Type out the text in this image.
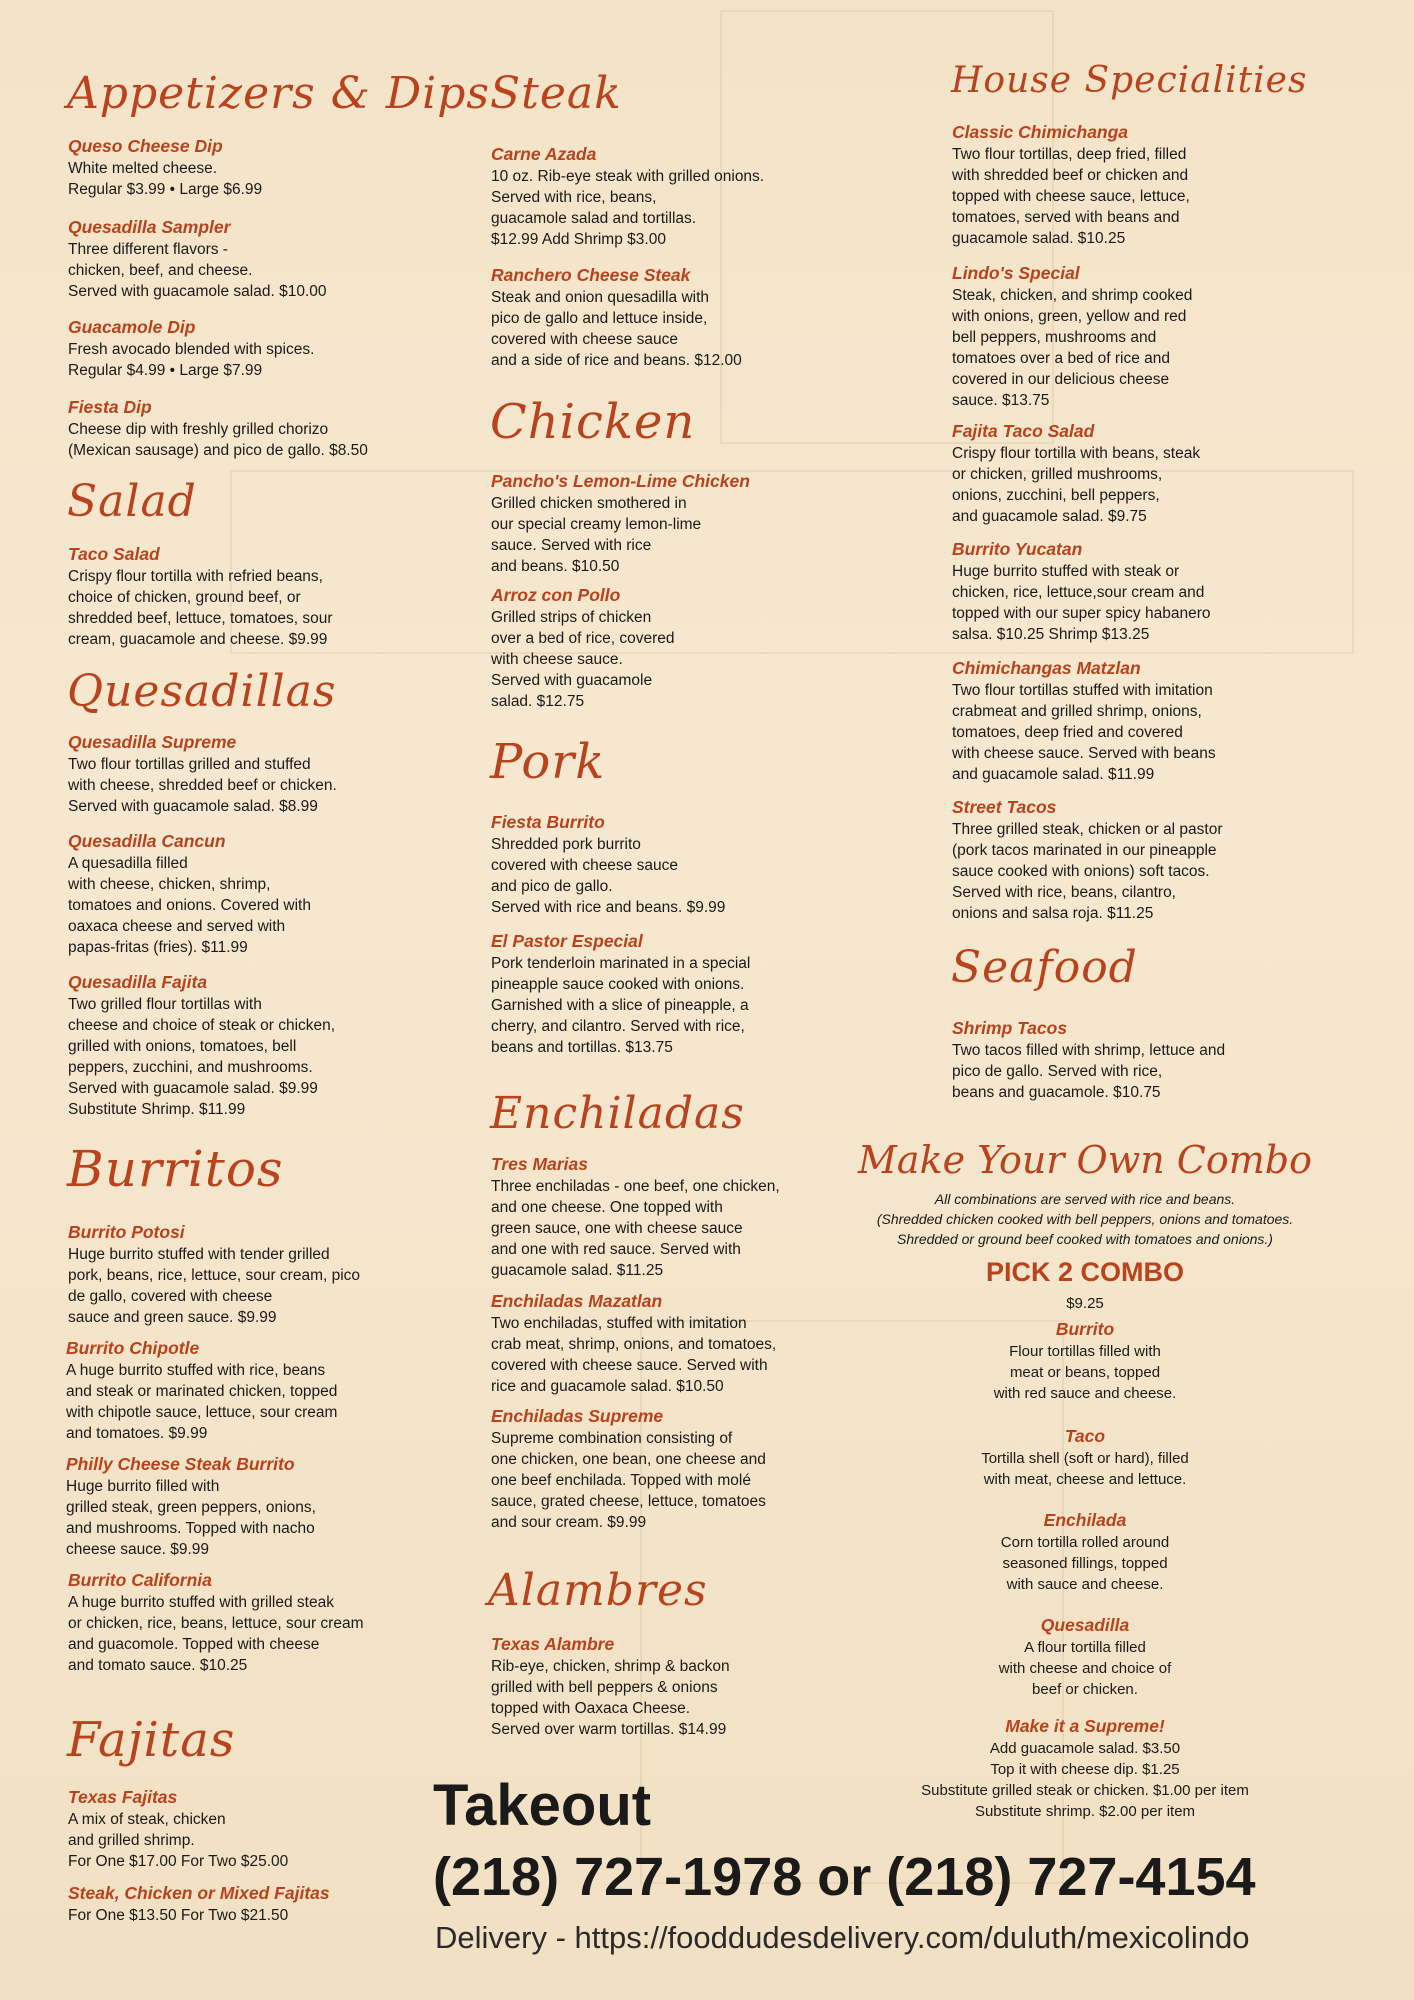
Appetizers & Dips
Queso Cheese Dip
White melted cheese.
Regular $3.99 • Large $6.99
Quesadilla Sampler
Three different flavors -
chicken, beef, and cheese.
Served with guacamole salad. $10.00
Guacamole Dip
Fresh avocado blended with spices.
Regular $4.99 • Large $7.99
Fiesta Dip
Cheese dip with freshly grilled chorizo
(Mexican sausage) and pico de gallo. $8.50
Salad
Taco Salad
Crispy flour tortilla with refried beans,
choice of chicken, ground beef, or
shredded beef, lettuce, tomatoes, sour
cream, guacamole and cheese. $9.99
Quesadillas
Quesadilla Supreme
Two flour tortillas grilled and stuffed
with cheese, shredded beef or chicken.
Served with guacamole salad. $8.99
Quesadilla Cancun
A quesadilla filled
with cheese, chicken, shrimp,
tomatoes and onions. Covered with
oaxaca cheese and served with
papas-fritas (fries). $11.99
Quesadilla Fajita
Two grilled flour tortillas with
cheese and choice of steak or chicken,
grilled with onions, tomatoes, bell
peppers, zucchini, and mushrooms.
Served with guacamole salad. $9.99
Substitute Shrimp. $11.99
Burritos
Burrito Potosi
Huge burrito stuffed with tender grilled
pork, beans, rice, lettuce, sour cream, pico
de gallo, covered with cheese
sauce and green sauce. $9.99
Burrito Chipotle
A huge burrito stuffed with rice, beans
and steak or marinated chicken, topped
with chipotle sauce, lettuce, sour cream
and tomatoes. $9.99
Philly Cheese Steak Burrito
Huge burrito filled with
grilled steak, green peppers, onions,
and mushrooms. Topped with nacho
cheese sauce. $9.99
Burrito California
A huge burrito stuffed with grilled steak
or chicken, rice, beans, lettuce, sour cream
and guacomole. Topped with cheese
and tomato sauce. $10.25
Fajitas
Texas Fajitas
A mix of steak, chicken
and grilled shrimp.
For One $17.00 For Two $25.00
Steak, Chicken or Mixed Fajitas
For One $13.50 For Two $21.50
Steak
Carne Azada
10 oz. Rib-eye steak with grilled onions.
Served with rice, beans,
guacamole salad and tortillas.
$12.99 Add Shrimp $3.00
Ranchero Cheese Steak
Steak and onion quesadilla with
pico de gallo and lettuce inside,
covered with cheese sauce
and a side of rice and beans. $12.00
Chicken
Pancho's Lemon-Lime Chicken
Grilled chicken smothered in
our special creamy lemon-lime
sauce. Served with rice
and beans. $10.50
Arroz con Pollo
Grilled strips of chicken
over a bed of rice, covered
with cheese sauce.
Served with guacamole
salad. $12.75
Pork
Fiesta Burrito
Shredded pork burrito
covered with cheese sauce
and pico de gallo.
Served with rice and beans. $9.99
El Pastor Especial
Pork tenderloin marinated in a special
pineapple sauce cooked with onions.
Garnished with a slice of pineapple, a
cherry, and cilantro. Served with rice,
beans and tortillas. $13.75
Enchiladas
Tres Marias
Three enchiladas - one beef, one chicken,
and one cheese. One topped with
green sauce, one with cheese sauce
and one with red sauce. Served with
guacamole salad. $11.25
Enchiladas Mazatlan
Two enchiladas, stuffed with imitation
crab meat, shrimp, onions, and tomatoes,
covered with cheese sauce. Served with
rice and guacamole salad. $10.50
Enchiladas Supreme
Supreme combination consisting of
one chicken, one bean, one cheese and
one beef enchilada. Topped with molé
sauce, grated cheese, lettuce, tomatoes
and sour cream. $9.99
Alambres
Texas Alambre
Rib-eye, chicken, shrimp & backon
grilled with bell peppers & onions
topped with Oaxaca Cheese.
Served over warm tortillas. $14.99
House Specialities
Classic Chimichanga
Two flour tortillas, deep fried, filled
with shredded beef or chicken and
topped with cheese sauce, lettuce,
tomatoes, served with beans and
guacamole salad. $10.25
Lindo's Special
Steak, chicken, and shrimp cooked
with onions, green, yellow and red
bell peppers, mushrooms and
tomatoes over a bed of rice and
covered in our delicious cheese
sauce. $13.75
Fajita Taco Salad
Crispy flour tortilla with beans, steak
or chicken, grilled mushrooms,
onions, zucchini, bell peppers,
and guacamole salad. $9.75
Burrito Yucatan
Huge burrito stuffed with steak or
chicken, rice, lettuce,sour cream and
topped with our super spicy habanero
salsa. $10.25 Shrimp $13.25
Chimichangas Matzlan
Two flour tortillas stuffed with imitation
crabmeat and grilled shrimp, onions,
tomatoes, deep fried and covered
with cheese sauce. Served with beans
and guacamole salad. $11.99
Street Tacos
Three grilled steak, chicken or al pastor
(pork tacos marinated in our pineapple
sauce cooked with onions) soft tacos.
Served with rice, beans, cilantro,
onions and salsa roja. $11.25
Seafood
Shrimp Tacos
Two tacos filled with shrimp, lettuce and
pico de gallo. Served with rice,
beans and guacamole. $10.75
Make Your Own Combo
All combinations are served with rice and beans.
(Shredded chicken cooked with bell peppers, onions and tomatoes.
Shredded or ground beef cooked with tomatoes and onions.)
PICK 2 COMBO
$9.25
Burrito
Flour tortillas filled with
meat or beans, topped
with red sauce and cheese.
Taco
Tortilla shell (soft or hard), filled
with meat, cheese and lettuce.
Enchilada
Corn tortilla rolled around
seasoned fillings, topped
with sauce and cheese.
Quesadilla
A flour tortilla filled
with cheese and choice of
beef or chicken.
Make it a Supreme!
Add guacamole salad. $3.50
Top it with cheese dip. $1.25
Substitute grilled steak or chicken. $1.00 per item
Substitute shrimp. $2.00 per item
Takeout
(218) 727-1978 or (218) 727-4154
Delivery - https://fooddudesdelivery.com/duluth/mexicolindo
